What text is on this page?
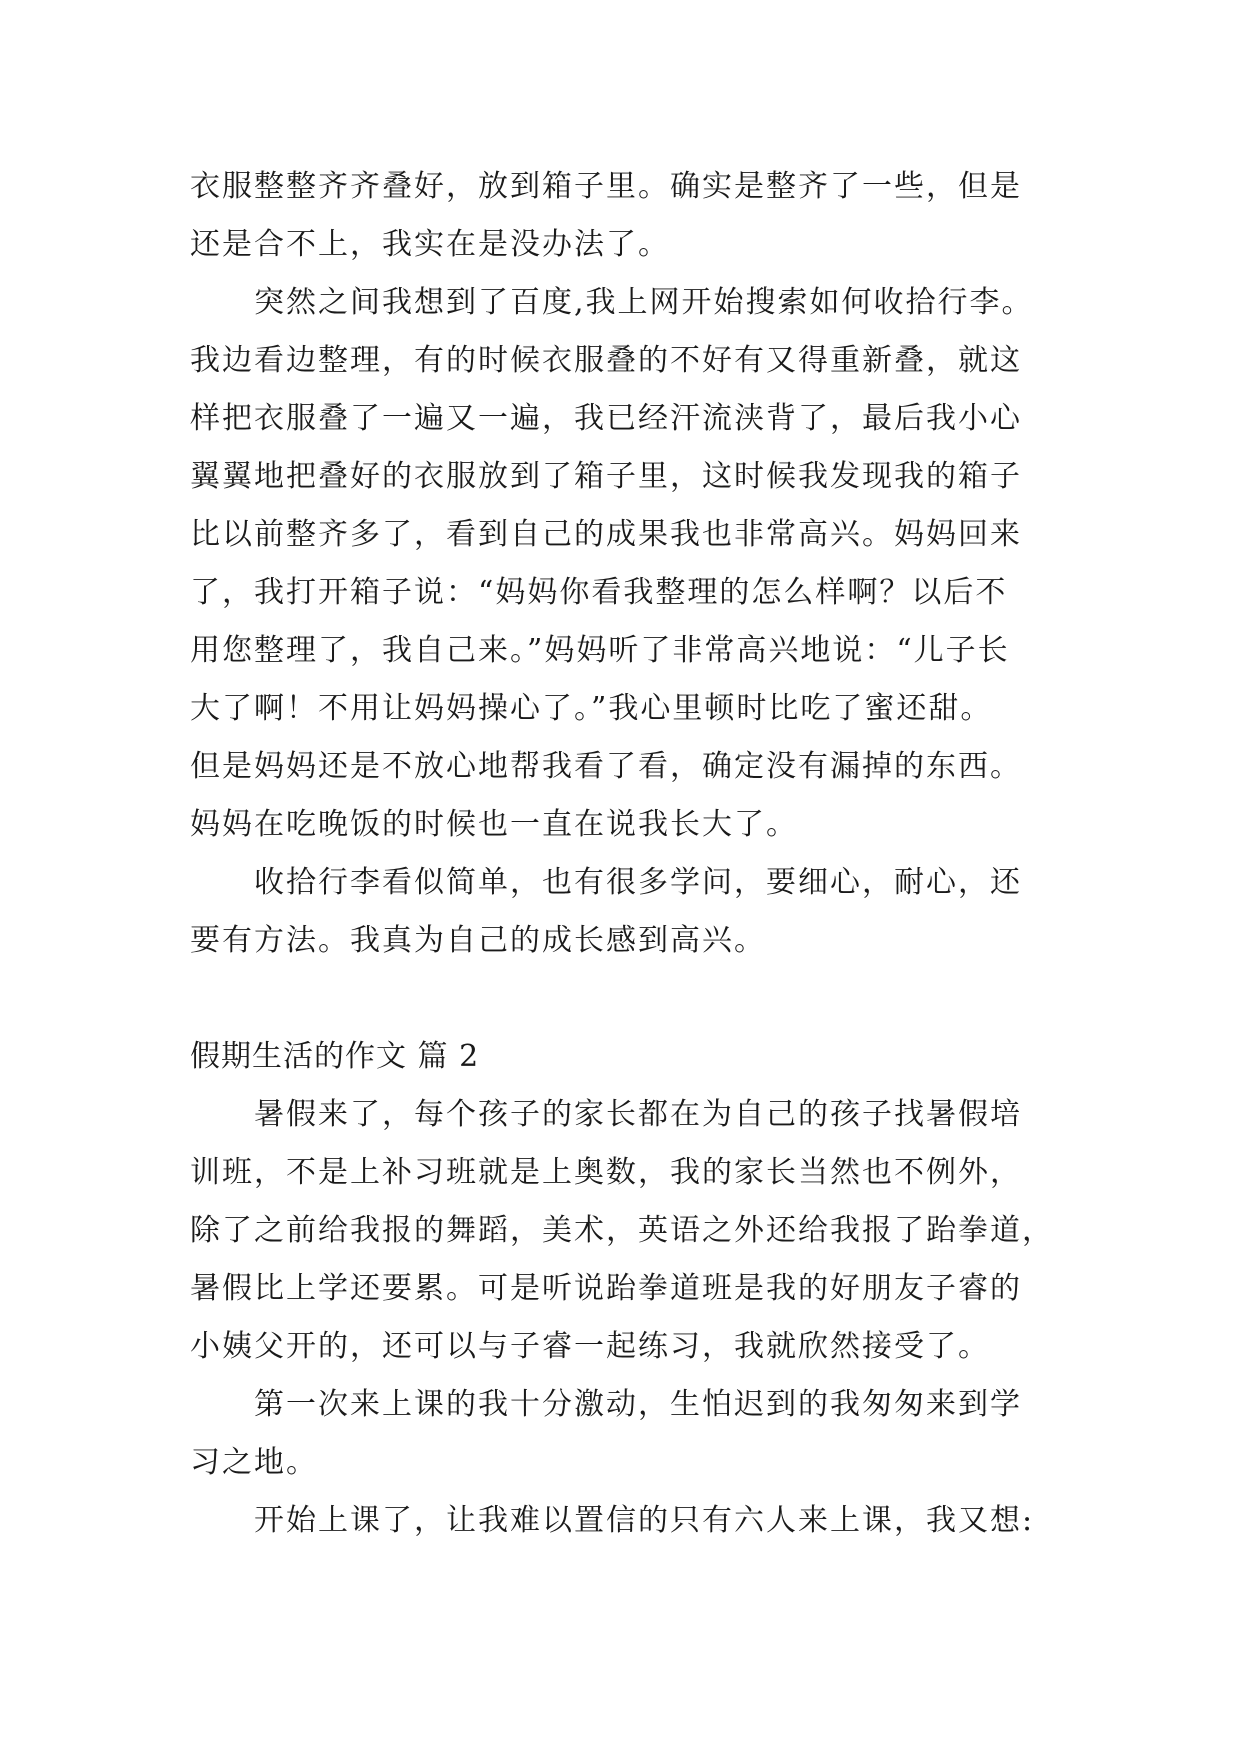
衣服整整齐齐叠好，放到箱子里。确实是整齐了一些，但是
还是合不上，我实在是没办法了。
突然之间我想到了百度,我上网开始搜索如何收拾行李。
我边看边整理，有的时候衣服叠的不好有又得重新叠，就这
样把衣服叠了一遍又一遍，我已经汗流浃背了，最后我小心
翼翼地把叠好的衣服放到了箱子里，这时候我发现我的箱子
比以前整齐多了，看到自己的成果我也非常高兴。妈妈回来
了，我打开箱子说：“妈妈你看我整理的怎么样啊？以后不
用您整理了，我自己来。”妈妈听了非常高兴地说：“儿子长
大了啊！不用让妈妈操心了。”我心里顿时比吃了蜜还甜。
但是妈妈还是不放心地帮我看了看，确定没有漏掉的东西。
妈妈在吃晚饭的时候也一直在说我长大了。
收拾行李看似简单，也有很多学问，要细心，耐心，还
要有方法。我真为自己的成长感到高兴。
假期生活的作文 篇 2
暑假来了，每个孩子的家长都在为自己的孩子找暑假培
训班，不是上补习班就是上奥数，我的家长当然也不例外，
除了之前给我报的舞蹈，美术，英语之外还给我报了跆拳道，
暑假比上学还要累。可是听说跆拳道班是我的好朋友子睿的
小姨父开的，还可以与子睿一起练习，我就欣然接受了。
第一次来上课的我十分激动，生怕迟到的我匆匆来到学
习之地。
开始上课了，让我难以置信的只有六人来上课，我又想:
